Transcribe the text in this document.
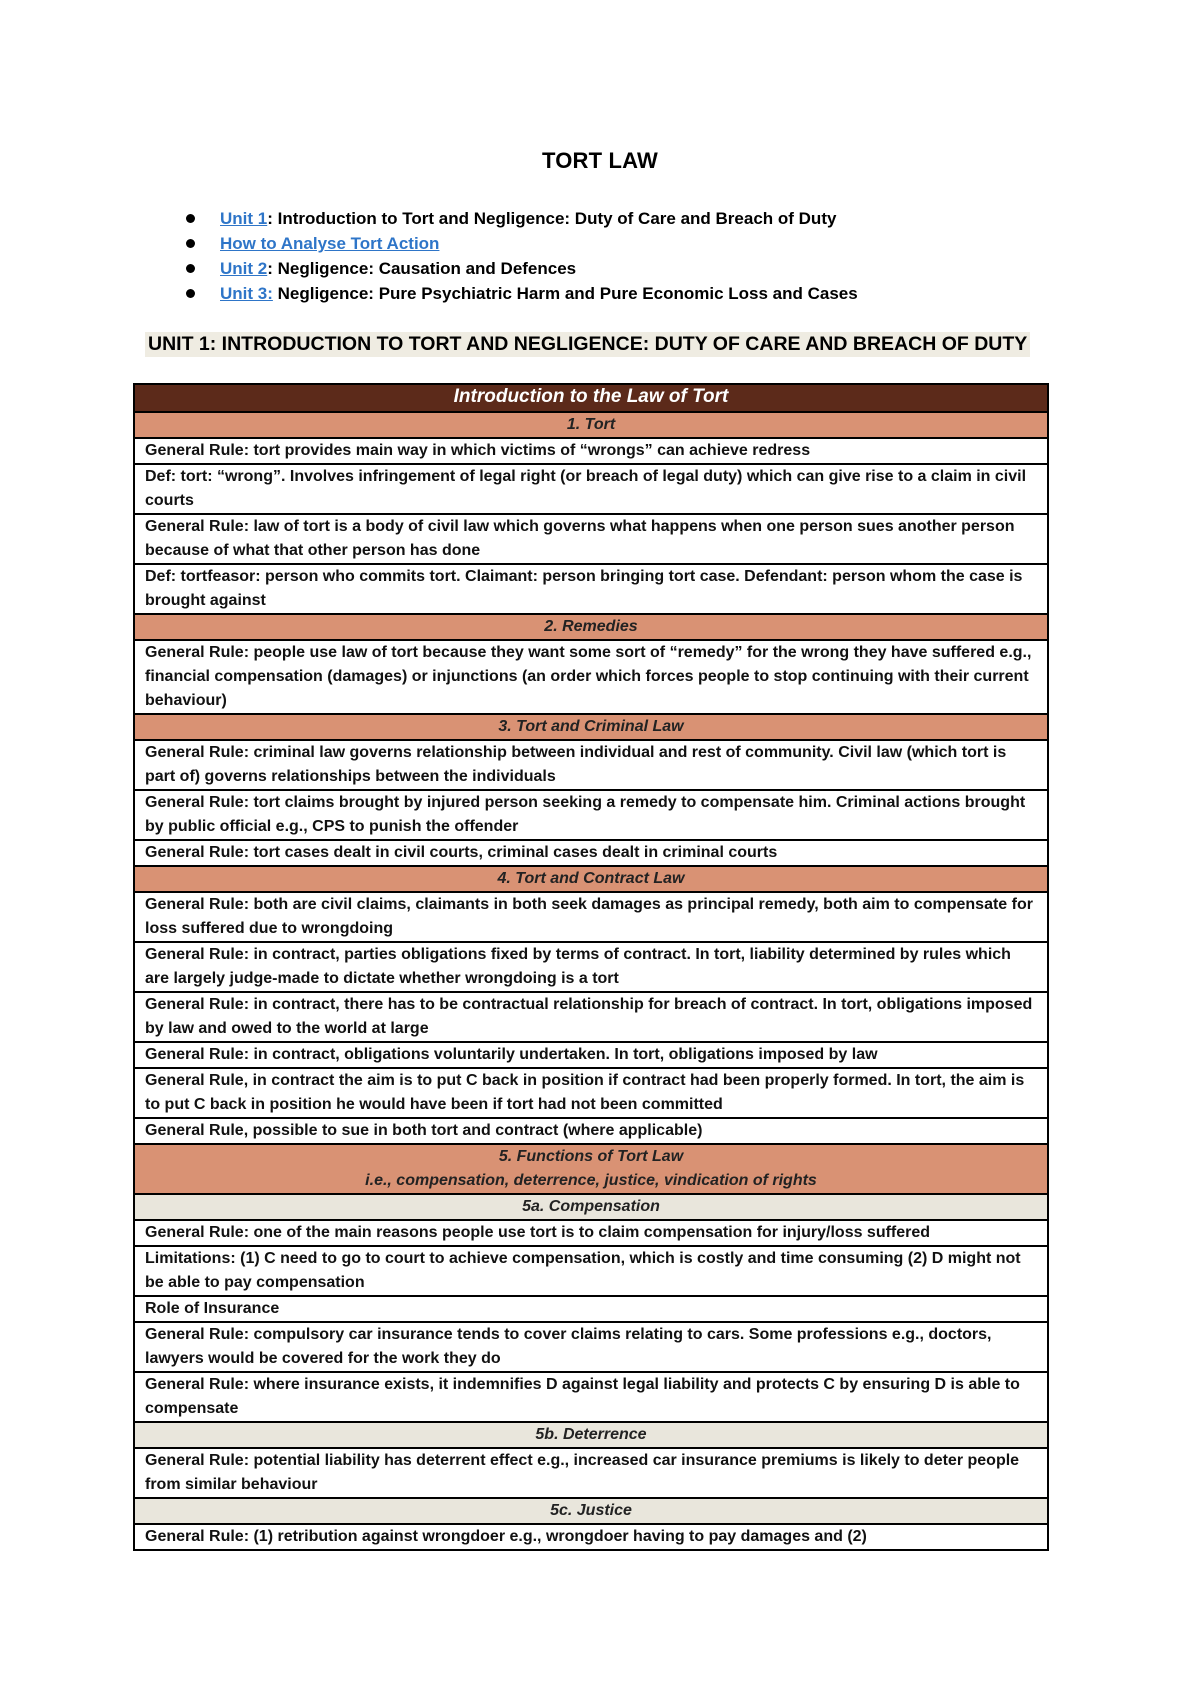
TORT LAW
Unit 1: Introduction to Tort and Negligence: Duty of Care and Breach of Duty
How to Analyse Tort Action
Unit 2: Negligence: Causation and Defences
Unit 3: Negligence: Pure Psychiatric Harm and Pure Economic Loss and Cases
UNIT 1: INTRODUCTION TO TORT AND NEGLIGENCE: DUTY OF CARE AND BREACH OF DUTY
Introduction to the Law of Tort

1. Tort

General Rule: tort provides main way in which victims of “wrongs” can achieve redress
Def: tort: “wrong”. Involves infringement of legal right (or breach of legal duty) which can give rise to a claim in civil courts
General Rule: law of tort is a body of civil law which governs what happens when one person sues another person because of what that other person has done
Def: tortfeasor: person who commits tort. Claimant: person bringing tort case. Defendant: person whom the case is brought against

2. Remedies

General Rule: people use law of tort because they want some sort of “remedy” for the wrong they have suffered e.g., financial compensation (damages) or injunctions (an order which forces people to stop continuing with their current behaviour)

3. Tort and Criminal Law

General Rule: criminal law governs relationship between individual and rest of community. Civil law (which tort is part of) governs relationships between the individuals
General Rule: tort claims brought by injured person seeking a remedy to compensate him. Criminal actions brought by public official e.g., CPS to punish the offender
General Rule: tort cases dealt in civil courts, criminal cases dealt in criminal courts

4. Tort and Contract Law

General Rule: both are civil claims, claimants in both seek damages as principal remedy, both aim to compensate for loss suffered due to wrongdoing
General Rule: in contract, parties obligations fixed by terms of contract. In tort, liability determined by rules which are largely judge-made to dictate whether wrongdoing is a tort
General Rule: in contract, there has to be contractual relationship for breach of contract. In tort, obligations imposed by law and owed to the world at large
General Rule: in contract, obligations voluntarily undertaken. In tort, obligations imposed by law
General Rule, in contract the aim is to put C back in position if contract had been properly formed. In tort, the aim is to put C back in position he would have been if tort had not been committed
General Rule, possible to sue in both tort and contract (where applicable)

5. Functions of Tort Law
i.e., compensation, deterrence, justice, vindication of rights

5a. Compensation
General Rule: one of the main reasons people use tort is to claim compensation for injury/loss suffered
Limitations: (1) C need to go to court to achieve compensation, which is costly and time consuming (2) D might not be able to pay compensation
Role of Insurance
General Rule: compulsory car insurance tends to cover claims relating to cars. Some professions e.g., doctors, lawyers would be covered for the work they do
General Rule: where insurance exists, it indemnifies D against legal liability and protects C by ensuring D is able to compensate
5b. Deterrence
General Rule: potential liability has deterrent effect e.g., increased car insurance premiums is likely to deter people from similar behaviour
5c. Justice
General Rule: (1) retribution against wrongdoer e.g., wrongdoer having to pay damages and (2)
